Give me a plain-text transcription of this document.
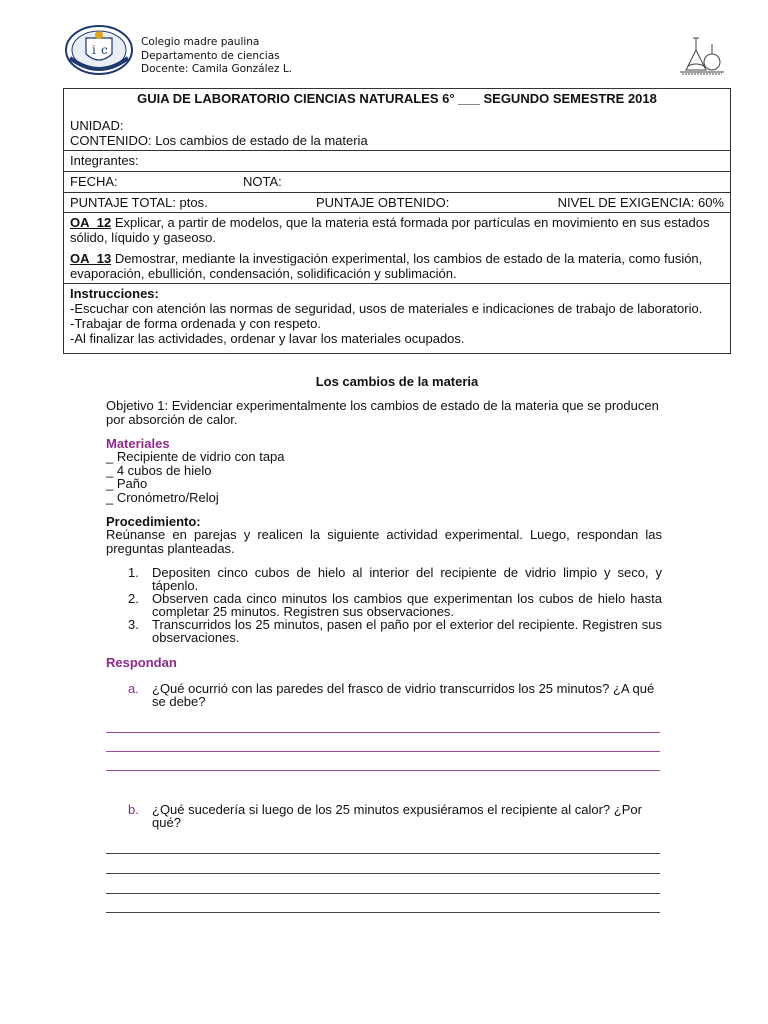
i c
Colegio madre paulina
Departamento de ciencias
Docente: Camila González L.
GUIA DE LABORATORIO CIENCIAS NATURALES 6° ___ SEGUNDO SEMESTRE 2018
UNIDAD:
CONTENIDO: Los cambios de estado de la materia

Integrantes:
FECHA:	NOTA:

PUNTAJE TOTAL: ptos.	PUNTAJE OBTENIDO:	NIVEL DE EXIGENCIA: 60%

OA_12 Explicar, a partir de modelos, que la materia está formada por partículas en movimiento en sus estados sólido, líquido y gaseoso.
OA_13 Demostrar, mediante la investigación experimental, los cambios de estado de la materia, como fusión, evaporación, ebullición, condensación, solidificación y sublimación.

Instrucciones:
-Escuchar con atención las normas de seguridad, usos de materiales e indicaciones de trabajo de laboratorio.
-Trabajar de forma ordenada y con respeto.
-Al finalizar las actividades, ordenar y lavar los materiales ocupados.
Los cambios de la materia
Objetivo 1: Evidenciar experimentalmente los cambios de estado de la materia que se producen por absorción de calor.
Materiales
_ Recipiente de vidrio con tapa
_ 4 cubos de hielo
_ Paño
_ Cronómetro/Reloj
Procedimiento:
Reúnanse en parejas y realicen la siguiente actividad experimental. Luego, respondan las preguntas planteadas.
1.	Depositen cinco cubos de hielo al interior del recipiente de vidrio limpio y seco, y tápenlo.
2.	Observen cada cinco minutos los cambios que experimentan los cubos de hielo hasta completar 25 minutos. Registren sus observaciones.
3.	Transcurridos los 25 minutos, pasen el paño por el exterior del recipiente. Registren sus observaciones.
Respondan
a.	¿Qué ocurrió con las paredes del frasco de vidrio transcurridos los 25 minutos? ¿A qué se debe?
b.	¿Qué sucedería si luego de los 25 minutos expusiéramos el recipiente al calor? ¿Por qué?
